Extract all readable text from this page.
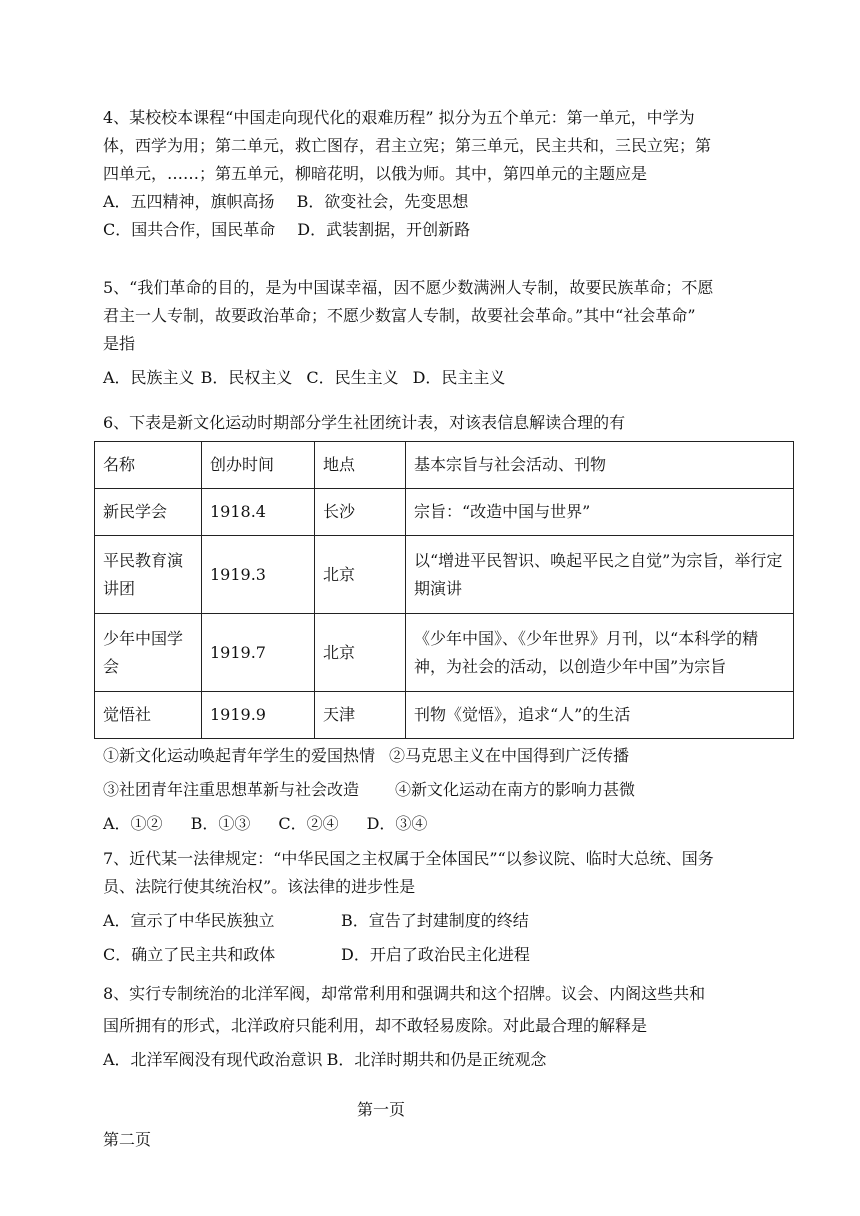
4、某校校本课程“中国走向现代化的艰难历程” 拟分为五个单元：第一单元，中学为
体，西学为用；第二单元，救亡图存，君主立宪；第三单元，民主共和，三民立宪；第
四单元，……；第五单元，柳暗花明，以俄为师。其中，第四单元的主题应是
A．五四精神，旗帜高扬 B．欲变社会，先变思想
C．国共合作，国民革命 D．武装割据，开创新路
5、“我们革命的目的，是为中国谋幸福，因不愿少数满洲人专制，故要民族革命；不愿
君主一人专制，故要政治革命；不愿少数富人专制，故要社会革命。”其中“社会革命”
是指
A．民族主义 B．民权主义 C．民生主义 D．民主主义
6、下表是新文化运动时期部分学生社团统计表，对该表信息解读合理的有
名称	创办时间	地点	基本宗旨与社会活动、刊物
新民学会	1918.4	长沙	宗旨：“改造中国与世界”
平民教育演讲团	1919.3	北京	以“增进平民智识、唤起平民之自觉”为宗旨，举行定期演讲
少年中国学会	1919.7	北京	《少年中国》、《少年世界》月刊，以“本科学的精神，为社会的活动，以创造少年中国”为宗旨
觉悟社	1919.9	天津	刊物《觉悟》，追求“人”的生活
①新文化运动唤起青年学生的爱国热情 ②马克思主义在中国得到广泛传播
③社团青年注重思想革新与社会改造 ④新文化运动在南方的影响力甚微
A．①② B．①③ C．②④ D．③④
7、近代某一法律规定：“中华民国之主权属于全体国民”“以参议院、临时大总统、国务
员、法院行使其统治权”。该法律的进步性是
A．宣示了中华民族独立	B．宣告了封建制度的终结
C．确立了民主共和政体	D．开启了政治民主化进程
8、实行专制统治的北洋军阀，却常常利用和强调共和这个招牌。议会、内阁这些共和
国所拥有的形式，北洋政府只能利用，却不敢轻易废除。对此最合理的解释是
A．北洋军阀没有现代政治意识 B．北洋时期共和仍是正统观念
第一页
第二页
